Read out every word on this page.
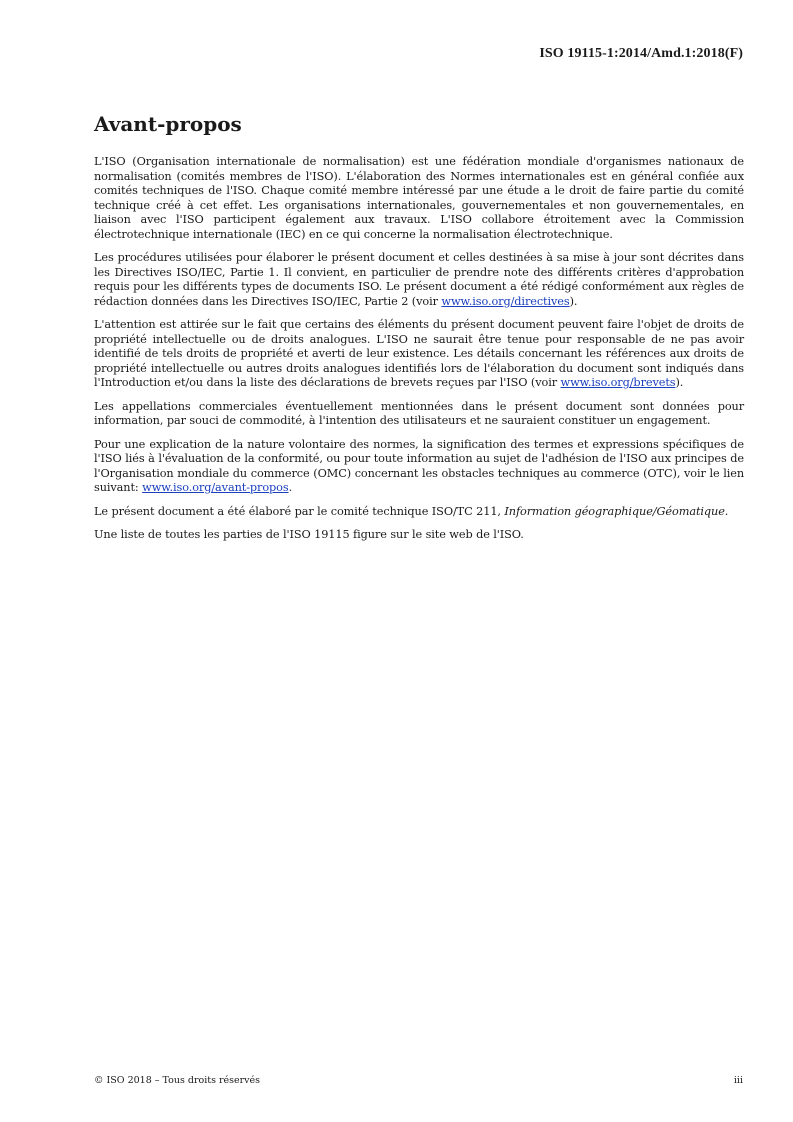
ISO 19115-1:2014/Amd.1:2018(F)
Avant-propos

L'ISO (Organisation internationale de normalisation) est une fédération mondiale d'organismes nationaux de normalisation (comités membres de l'ISO). L'élaboration des Normes internationales est en général confiée aux comités techniques de l'ISO. Chaque comité membre intéressé par une étude a le droit de faire partie du comité technique créé à cet effet. Les organisations internationales, gouvernementales et non gouvernementales, en liaison avec l'ISO participent également aux travaux. L'ISO collabore étroitement avec la Commission électrotechnique internationale (IEC) en ce qui concerne la normalisation électrotechnique.

Les procédures utilisées pour élaborer le présent document et celles destinées à sa mise à jour sont décrites dans les Directives ISO/IEC, Partie 1. Il convient, en particulier de prendre note des différents critères d'approbation requis pour les différents types de documents ISO. Le présent document a été rédigé conformément aux règles de rédaction données dans les Directives ISO/IEC, Partie 2 (voir www.iso.org/directives).

L'attention est attirée sur le fait que certains des éléments du présent document peuvent faire l'objet de droits de propriété intellectuelle ou de droits analogues. L'ISO ne saurait être tenue pour responsable de ne pas avoir identifié de tels droits de propriété et averti de leur existence. Les détails concernant les références aux droits de propriété intellectuelle ou autres droits analogues identifiés lors de l'élaboration du document sont indiqués dans l'Introduction et/ou dans la liste des déclarations de brevets reçues par l'ISO (voir www.iso.org/brevets).

Les appellations commerciales éventuellement mentionnées dans le présent document sont données pour information, par souci de commodité, à l'intention des utilisateurs et ne sauraient constituer un engagement.

Pour une explication de la nature volontaire des normes, la signification des termes et expressions spécifiques de l'ISO liés à l'évaluation de la conformité, ou pour toute information au sujet de l'adhésion de l'ISO aux principes de l'Organisation mondiale du commerce (OMC) concernant les obstacles techniques au commerce (OTC), voir le lien suivant: www.iso.org/avant-propos.

Le présent document a été élaboré par le comité technique ISO/TC 211, Information géographique/Géomatique.

Une liste de toutes les parties de l'ISO 19115 figure sur le site web de l'ISO.

© ISO 2018 – Tous droits réservés	iii
